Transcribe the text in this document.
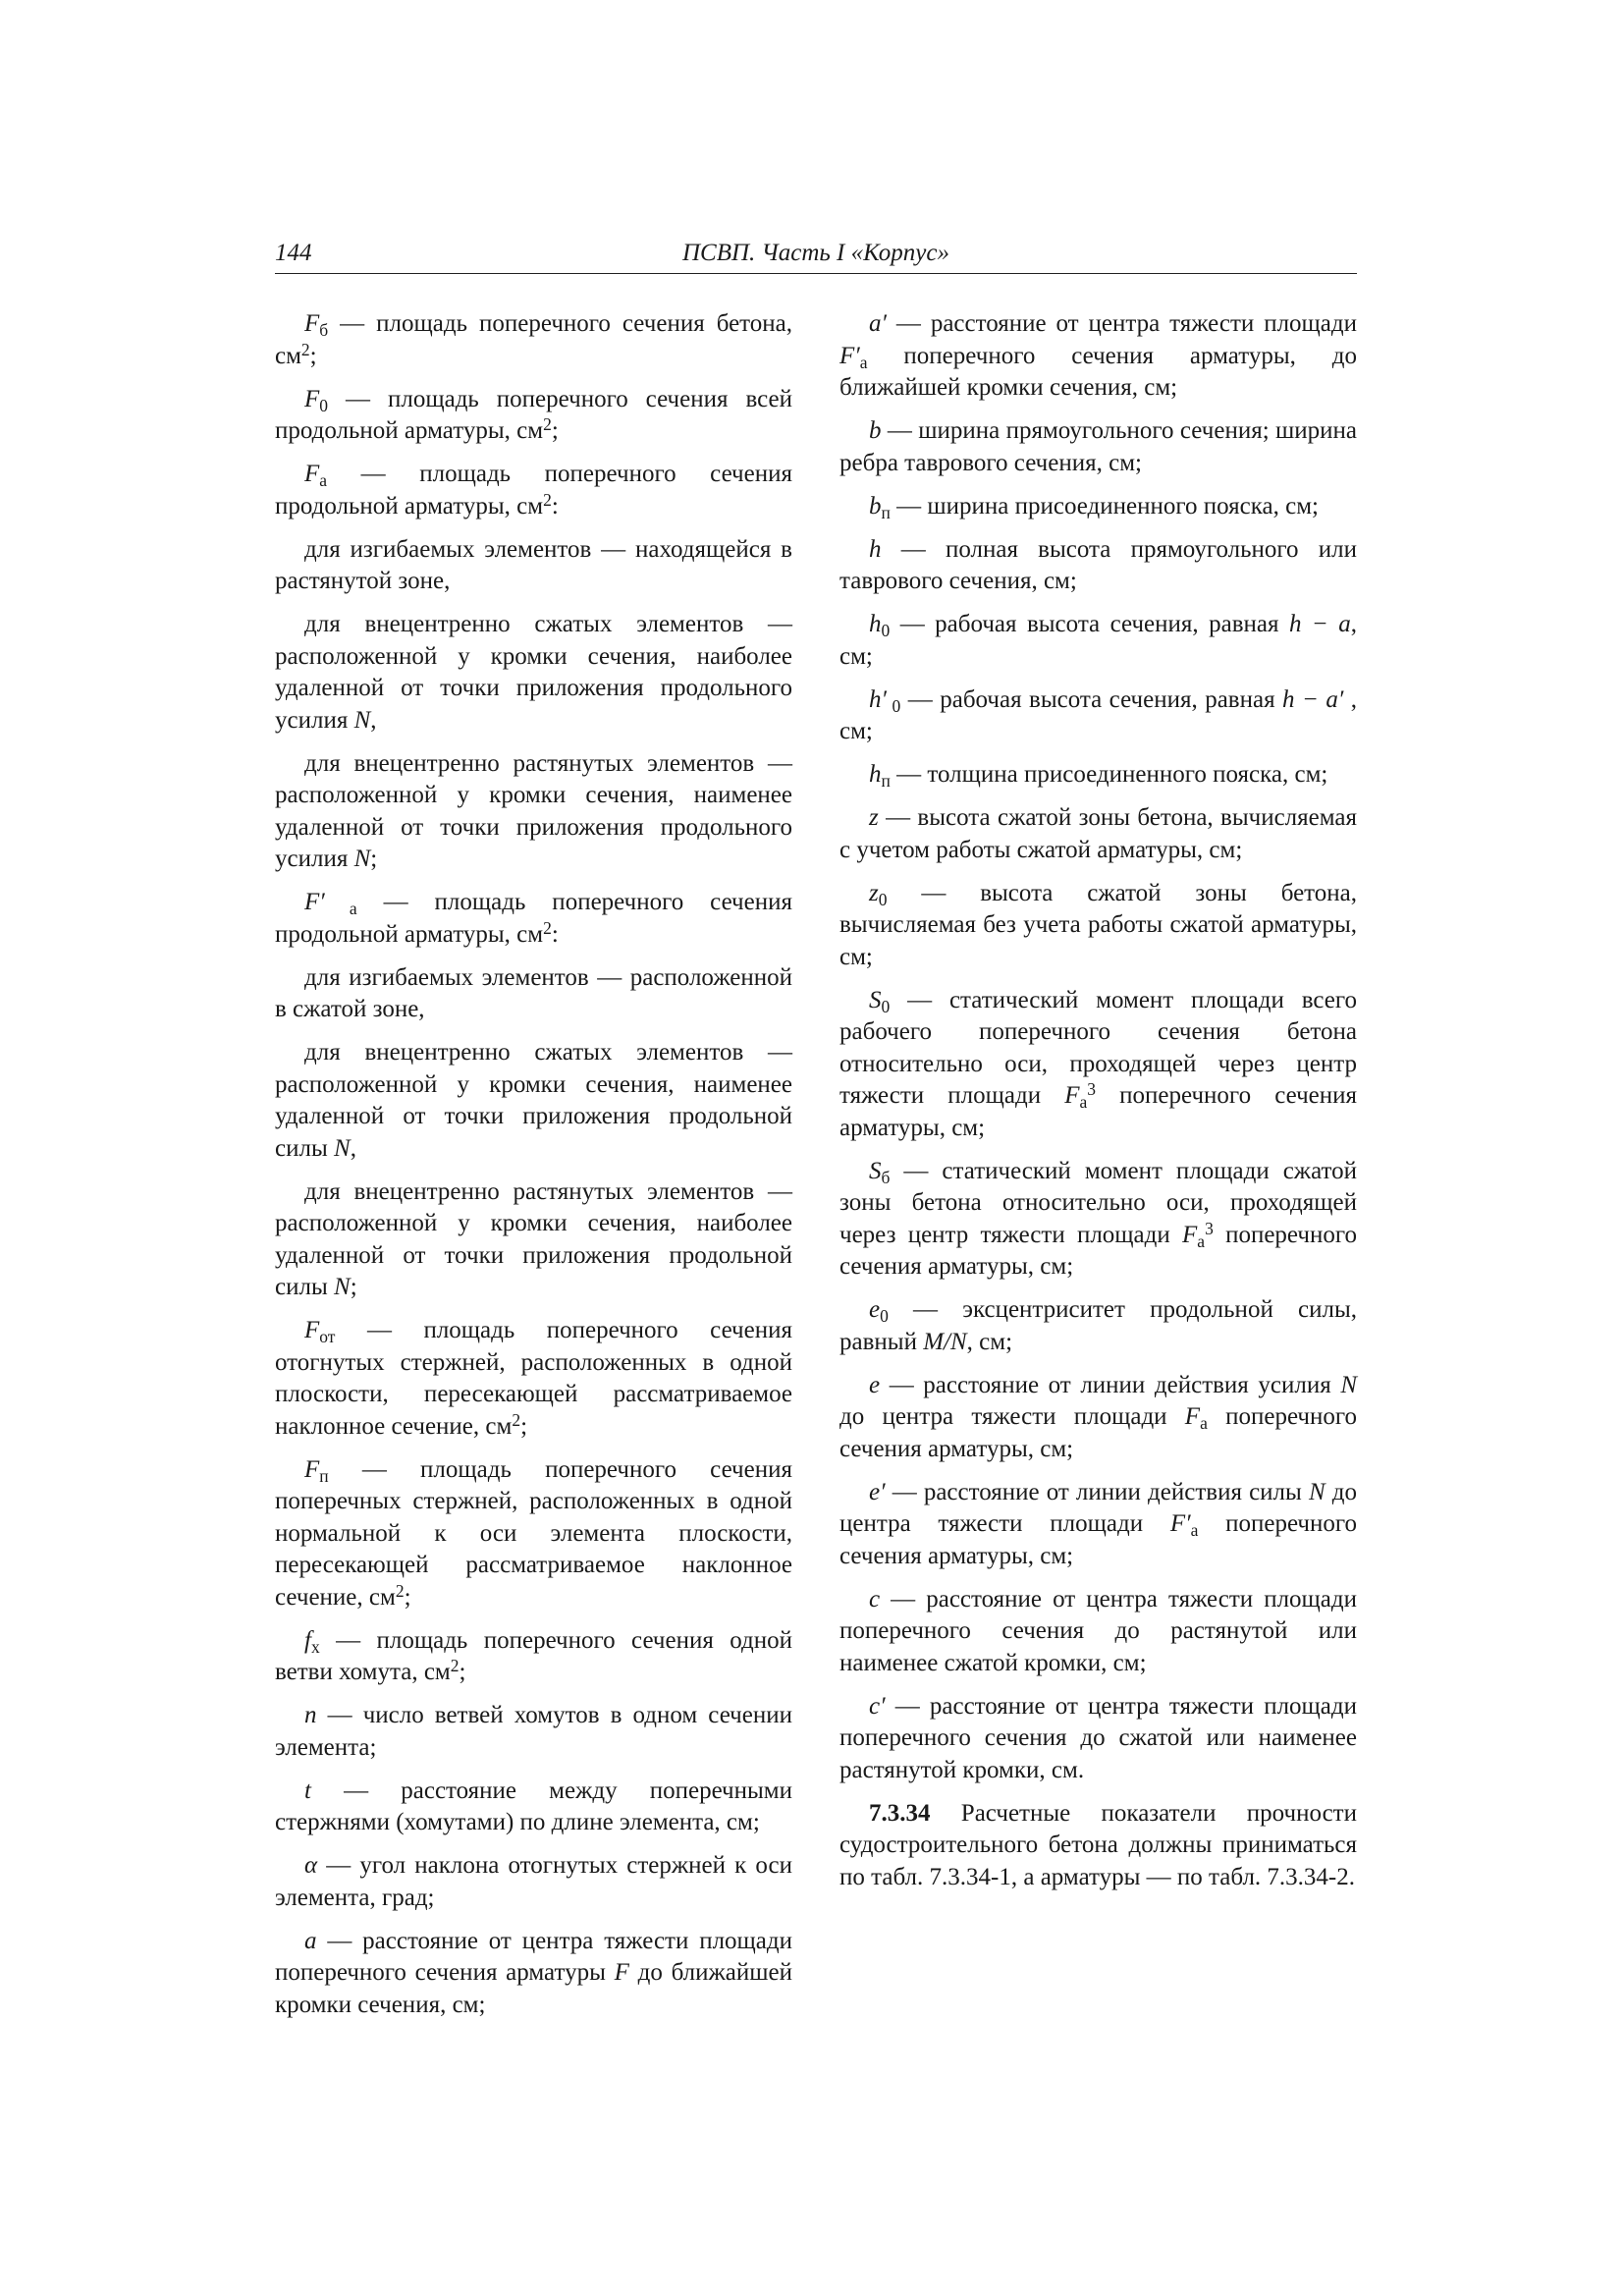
144	ПСВП. Часть I «Корпус»

$F_б$ — площадь поперечного сечения бетона, $см^2$;

$F_0$ — площадь поперечного сечения всей продольной арматуры, $см^2$;

$F_а$ — площадь поперечного сечения продольной арматуры, $см^2$:

для изгибаемых элементов — находящейся в растянутой зоне,

для внецентренно сжатых элементов — расположенной у кромки сечения, наиболее удаленной от точки приложения продольного усилия N,

для внецентренно растянутых элементов — расположенной у кромки сечения, наименее удаленной от точки приложения продольного усилия N;

F′ $_а$ — площадь поперечного сечения продольной арматуры, $см^2$:

для изгибаемых элементов — расположенной в сжатой зоне,

для внецентренно сжатых элементов — расположенной у кромки сечения, наименее удаленной от точки приложения продольной силы N,

для внецентренно растянутых элементов — расположенной у кромки сечения, наиболее удаленной от точки приложения продольной силы N;

$F_{от}$ — площадь поперечного сечения отогнутых стержней, расположенных в одной плоскости, пересекающей рассматриваемое наклонное сечение, $см^2$;

$F_п$ — площадь поперечного сечения поперечных стержней, расположенных в одной нормальной к оси элемента плоскости, пересекающей рассматриваемое наклонное сечение, $см^2$;

$f_х$ — площадь поперечного сечения одной ветви хомута, $см^2$;

n — число ветвей хомутов в одном сечении элемента;

t — расстояние между поперечными стержнями (хомутами) по длине элемента, см;

α — угол наклона отогнутых стержней к оси элемента, град;

a — расстояние от центра тяжести площади поперечного сечения арматуры F до ближайшей кромки сечения, см;

a′ — расстояние от центра тяжести площади $F'_а$ поперечного сечения арматуры, до ближайшей кромки сечения, см;

b — ширина прямоугольного сечения; ширина ребра таврового сечения, см;

$b_п$ — ширина присоединенного пояска, см;

h — полная высота прямоугольного или таврового сечения, см;

$h_0$ — рабочая высота сечения, равная h − a, см;

h′ $_0$ — рабочая высота сечения, равная h − a′ , см;

$h_п$ — толщина присоединенного пояска, см;

z — высота сжатой зоны бетона, вычисляемая с учетом работы сжатой арматуры, см;

$z_0$ — высота сжатой зоны бетона, вычисляемая без учета работы сжатой арматуры, см;

$S_0$ — статический момент площади всего рабочего поперечного сечения бетона относительно оси, проходящей через центр тяжести площади $F_а^3$ поперечного сечения арматуры, см;

$S_б$ — статический момент площади сжатой зоны бетона относительно оси, проходящей через центр тяжести площади $F_а^3$ поперечного сечения арматуры, см;

$e_0$ — эксцентриситет продольной силы, равный M/N, см;

e — расстояние от линии действия усилия N до центра тяжести площади $F_а$ поперечного сечения арматуры, см;

e′ — расстояние от линии действия силы N до центра тяжести площади $F'_а$ поперечного сечения арматуры, см;

c — расстояние от центра тяжести площади поперечного сечения до растянутой или наименее сжатой кромки, см;

c′ — расстояние от центра тяжести площади поперечного сечения до сжатой или наименее растянутой кромки, см.

7.3.34 Расчетные показатели прочности судостроительного бетона должны приниматься по табл. 7.3.34-1, а арматуры — по табл. 7.3.34-2.
